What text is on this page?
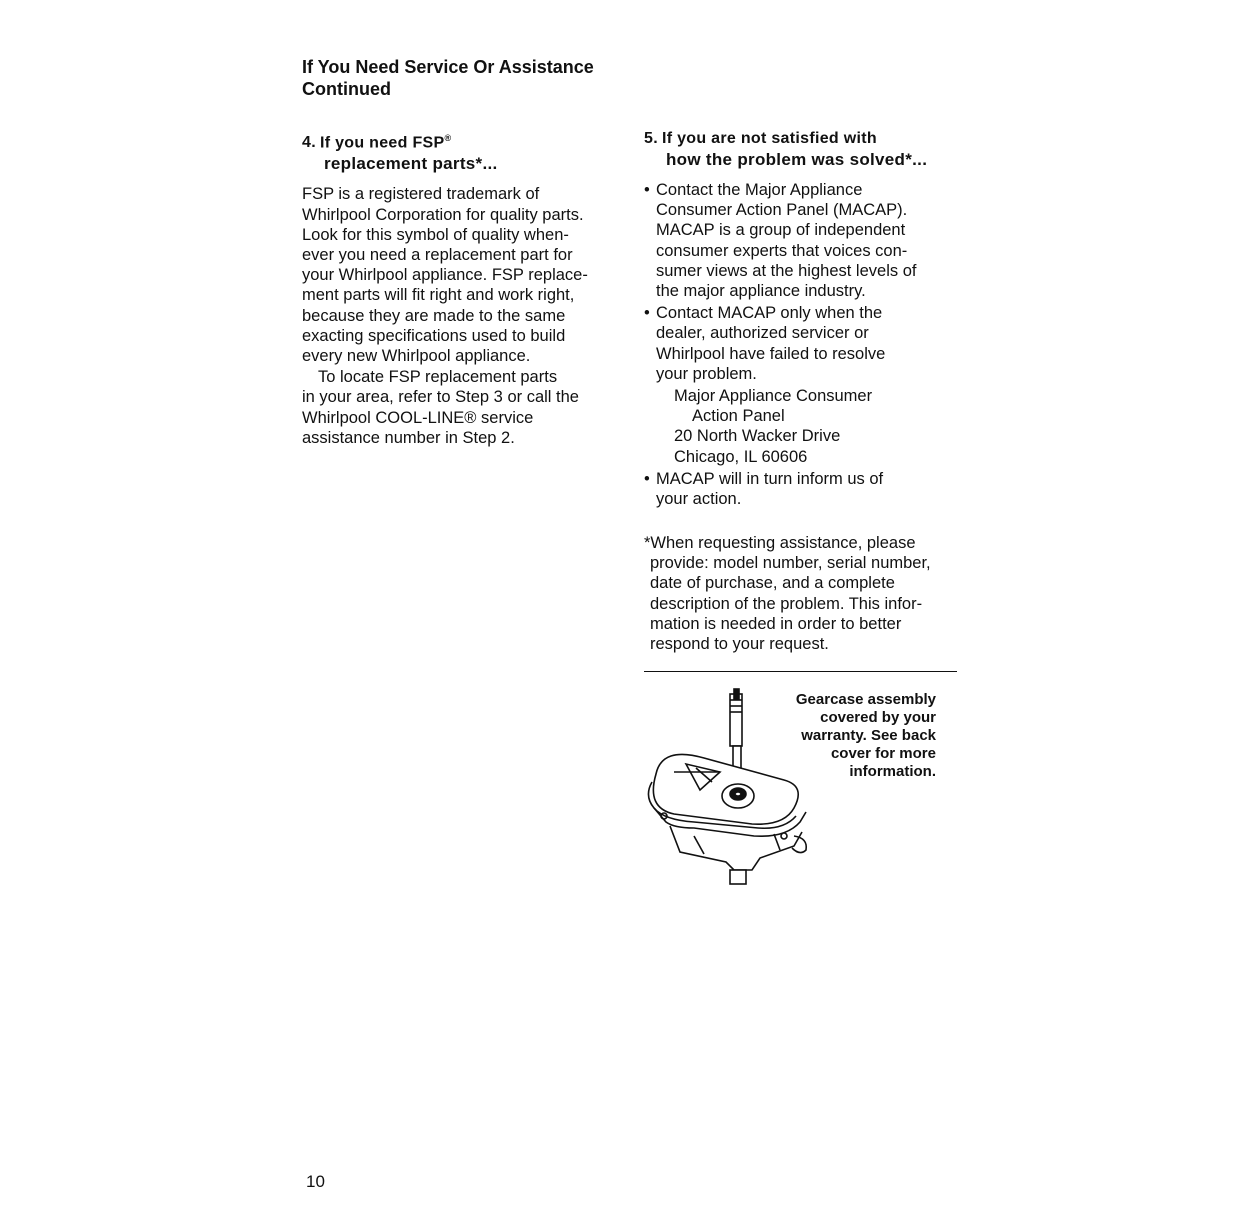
If You Need Service Or Assistance
Continued
4. If you need FSP®
replacement parts*...
FSP is a registered trademark of
Whirlpool Corporation for quality parts.
Look for this symbol of quality when-
ever you need a replacement part for
your Whirlpool appliance. FSP replace-
ment parts will fit right and work right,
because they are made to the same
exacting specifications used to build
every new Whirlpool appliance.
To locate FSP replacement parts
in your area, refer to Step 3 or call the
Whirlpool COOL-LINE® service
assistance number in Step 2.
5. If you are not satisfied with
how the problem was solved*...
• Contact the Major Appliance
Consumer Action Panel (MACAP).
MACAP is a group of independent
consumer experts that voices con-
sumer views at the highest levels of
the major appliance industry.
• Contact MACAP only when the
dealer, authorized servicer or
Whirlpool have failed to resolve
your problem.
Major Appliance Consumer
Action Panel
20 North Wacker Drive
Chicago, IL 60606
• MACAP will in turn inform us of
your action.
*When requesting assistance, please
provide: model number, serial number,
date of purchase, and a complete
description of the problem. This infor-
mation is needed in order to better
respond to your request.
Gearcase assembly
covered by your
warranty. See back
cover for more
information.
10
